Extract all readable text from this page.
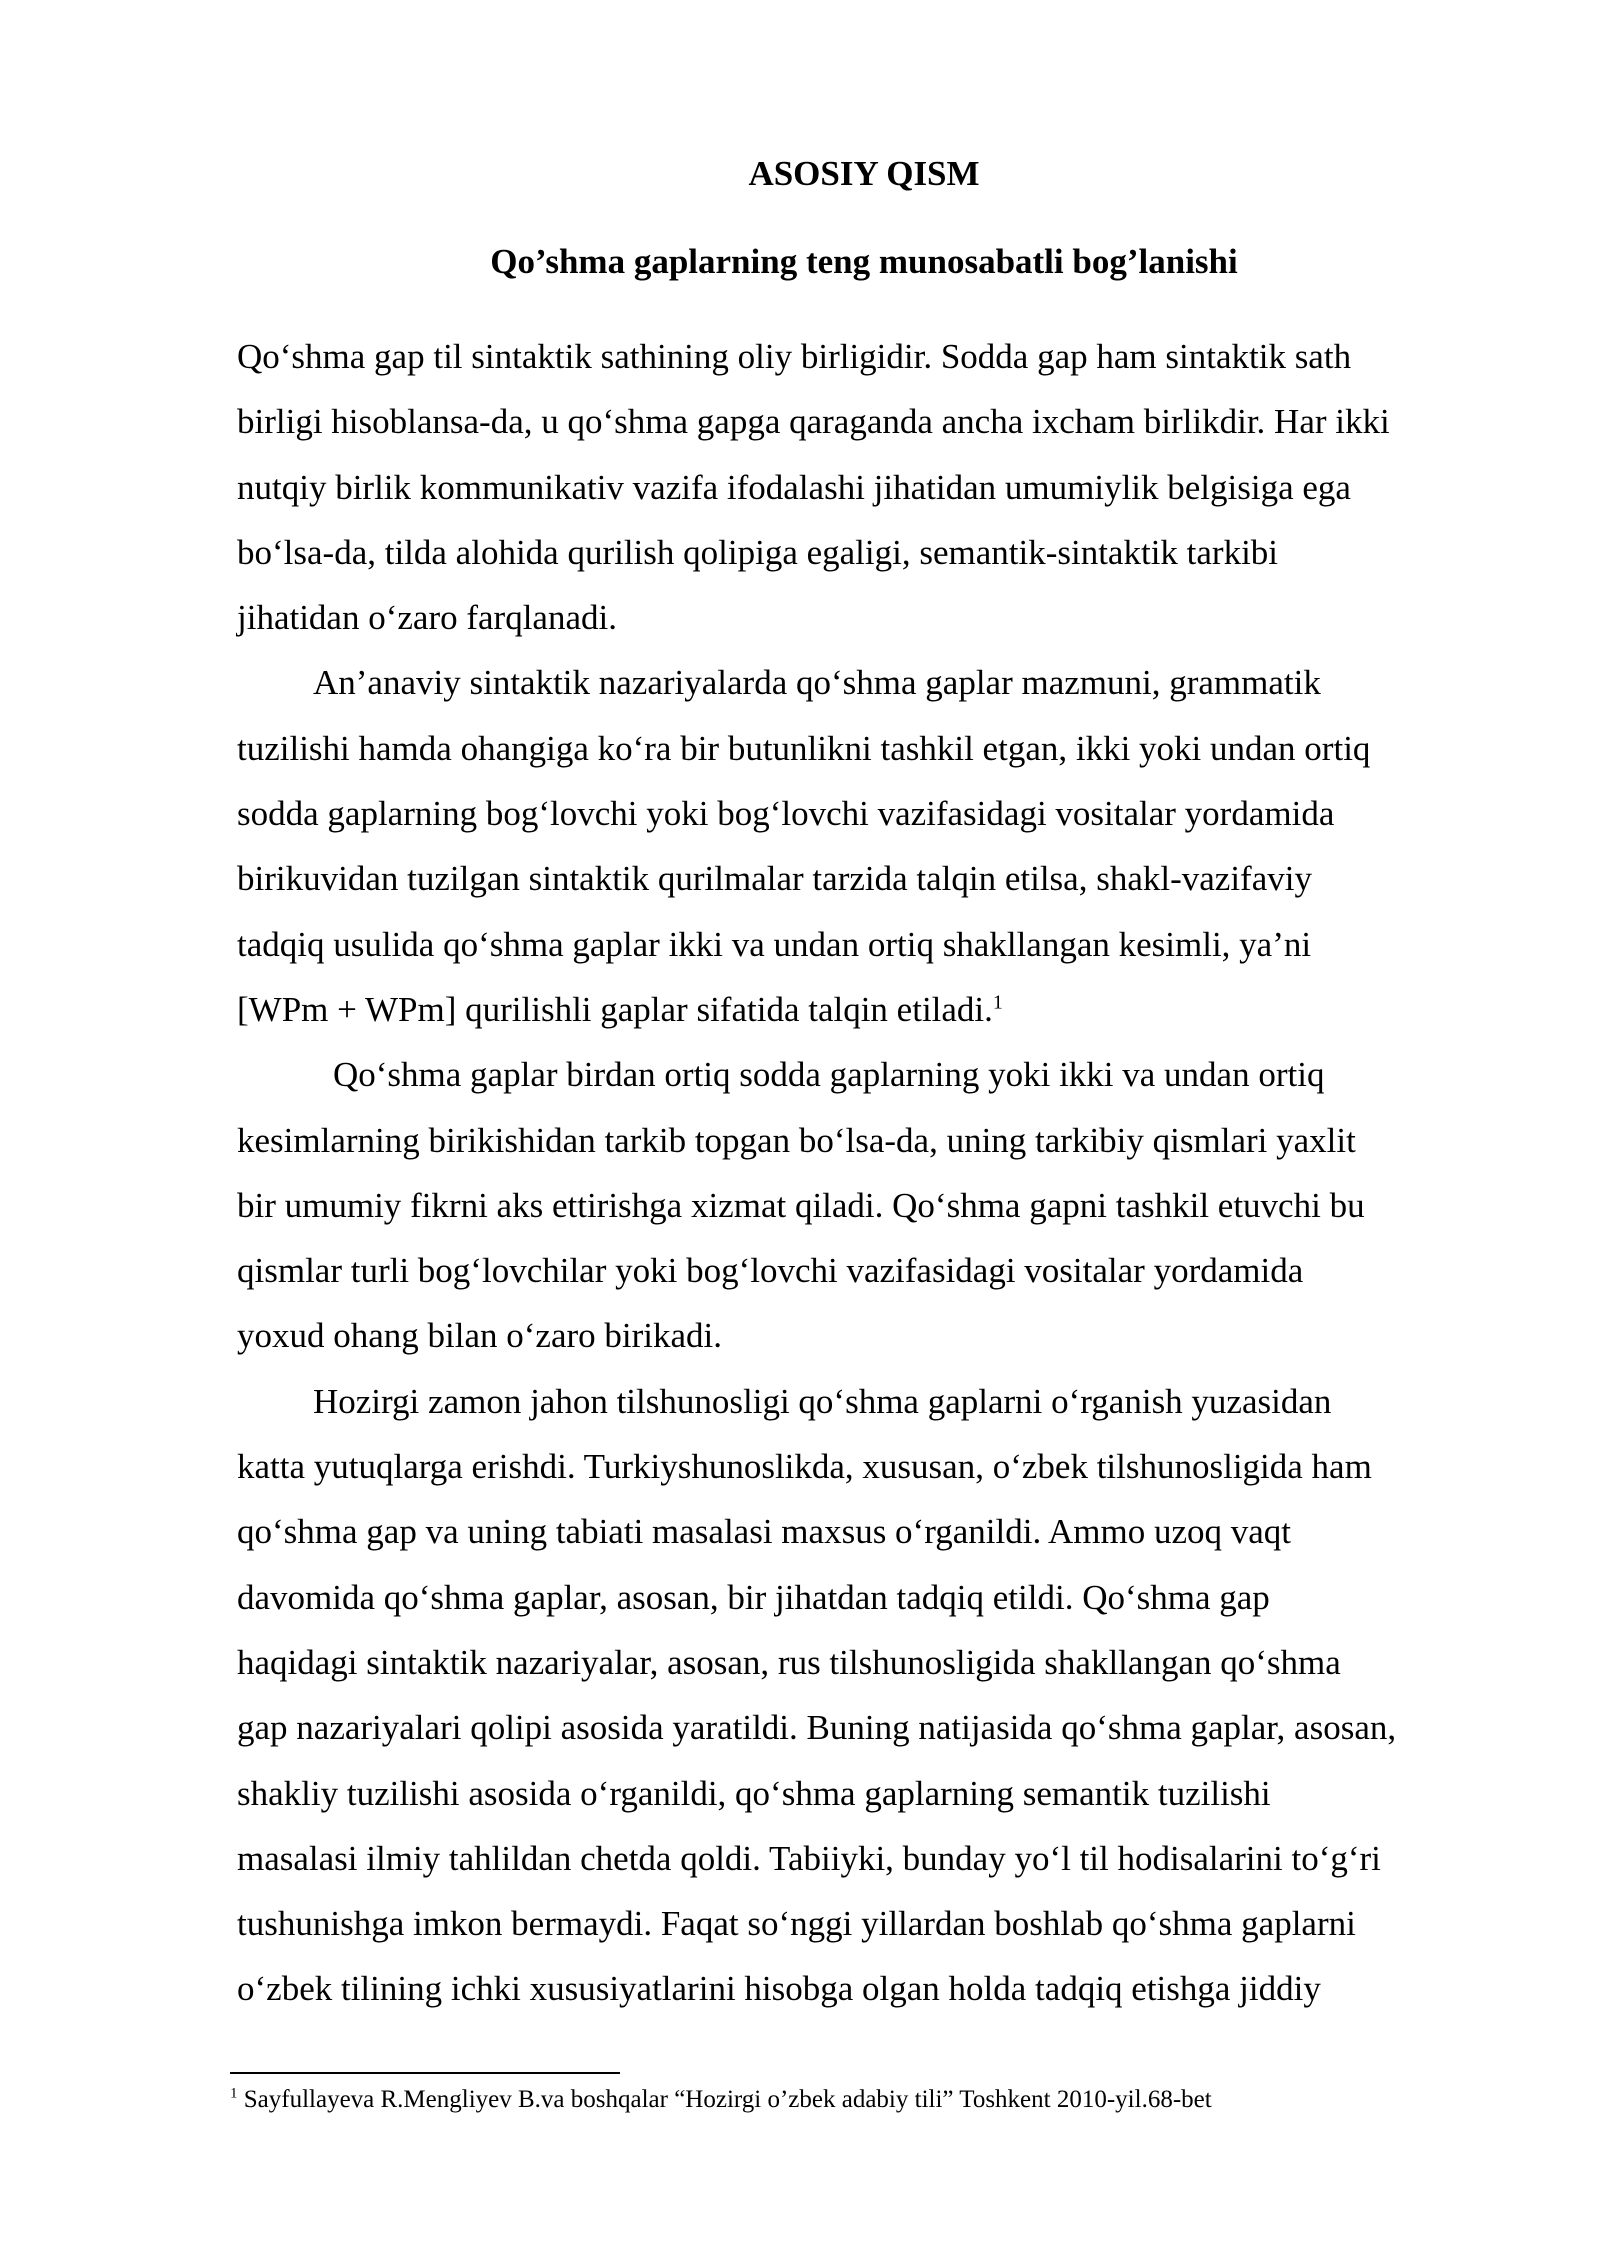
ASOSIY QISM
Qo’shma gaplarning teng munosabatli bog’lanishi
Qo‘shma gap til sintaktik sathining oliy birligidir. Sodda gap ham sintaktik sath
birligi hisoblansa-da, u qo‘shma gapga qaraganda ancha ixcham birlikdir. Har ikki
nutqiy birlik kommunikativ vazifa ifodalashi jihatidan umumiylik belgisiga ega
bo‘lsa-da, tilda alohida qurilish qolipiga egaligi, semantik-sintaktik tarkibi
jihatidan o‘zaro farqlanadi.
An’anaviy sintaktik nazariyalarda qo‘shma gaplar mazmuni, grammatik
tuzilishi hamda ohangiga ko‘ra bir butunlikni tashkil etgan, ikki yoki undan ortiq
sodda gaplarning bog‘lovchi yoki bog‘lovchi vazifasidagi vositalar yordamida
birikuvidan tuzilgan sintaktik qurilmalar tarzida talqin etilsa, shakl-vazifaviy
tadqiq usulida qo‘shma gaplar ikki va undan ortiq shakllangan kesimli, ya’ni
[WPm + WPm] qurilishli gaplar sifatida talqin etiladi.$^1$
Qo‘shma gaplar birdan ortiq sodda gaplarning yoki ikki va undan ortiq
kesimlarning birikishidan tarkib topgan bo‘lsa-da, uning tarkibiy qismlari yaxlit
bir umumiy fikrni aks ettirishga xizmat qiladi. Qo‘shma gapni tashkil etuvchi bu
qismlar turli bog‘lovchilar yoki bog‘lovchi vazifasidagi vositalar yordamida
yoxud ohang bilan o‘zaro birikadi.
Hozirgi zamon jahon tilshunosligi qo‘shma gaplarni o‘rganish yuzasidan
katta yutuqlarga erishdi. Turkiyshunoslikda, xususan, o‘zbek tilshunosligida ham
qo‘shma gap va uning tabiati masalasi maxsus o‘rganildi. Ammo uzoq vaqt
davomida qo‘shma gaplar, asosan, bir jihatdan tadqiq etildi. Qo‘shma gap
haqidagi sintaktik nazariyalar, asosan, rus tilshunosligida shakllangan qo‘shma
gap nazariyalari qolipi asosida yaratildi. Buning natijasida qo‘shma gaplar, asosan,
shakliy tuzilishi asosida o‘rganildi, qo‘shma gaplarning semantik tuzilishi
masalasi ilmiy tahlildan chetda qoldi. Tabiiyki, bunday yo‘l til hodisalarini to‘g‘ri
tushunishga imkon bermaydi. Faqat so‘nggi yillardan boshlab qo‘shma gaplarni
o‘zbek tilining ichki xususiyatlarini hisobga olgan holda tadqiq etishga jiddiy
$^1$ Sayfullayeva R.Mengliyev B.va boshqalar “Hozirgi o’zbek adabiy tili” Toshkent 2010-yil.68-bet
